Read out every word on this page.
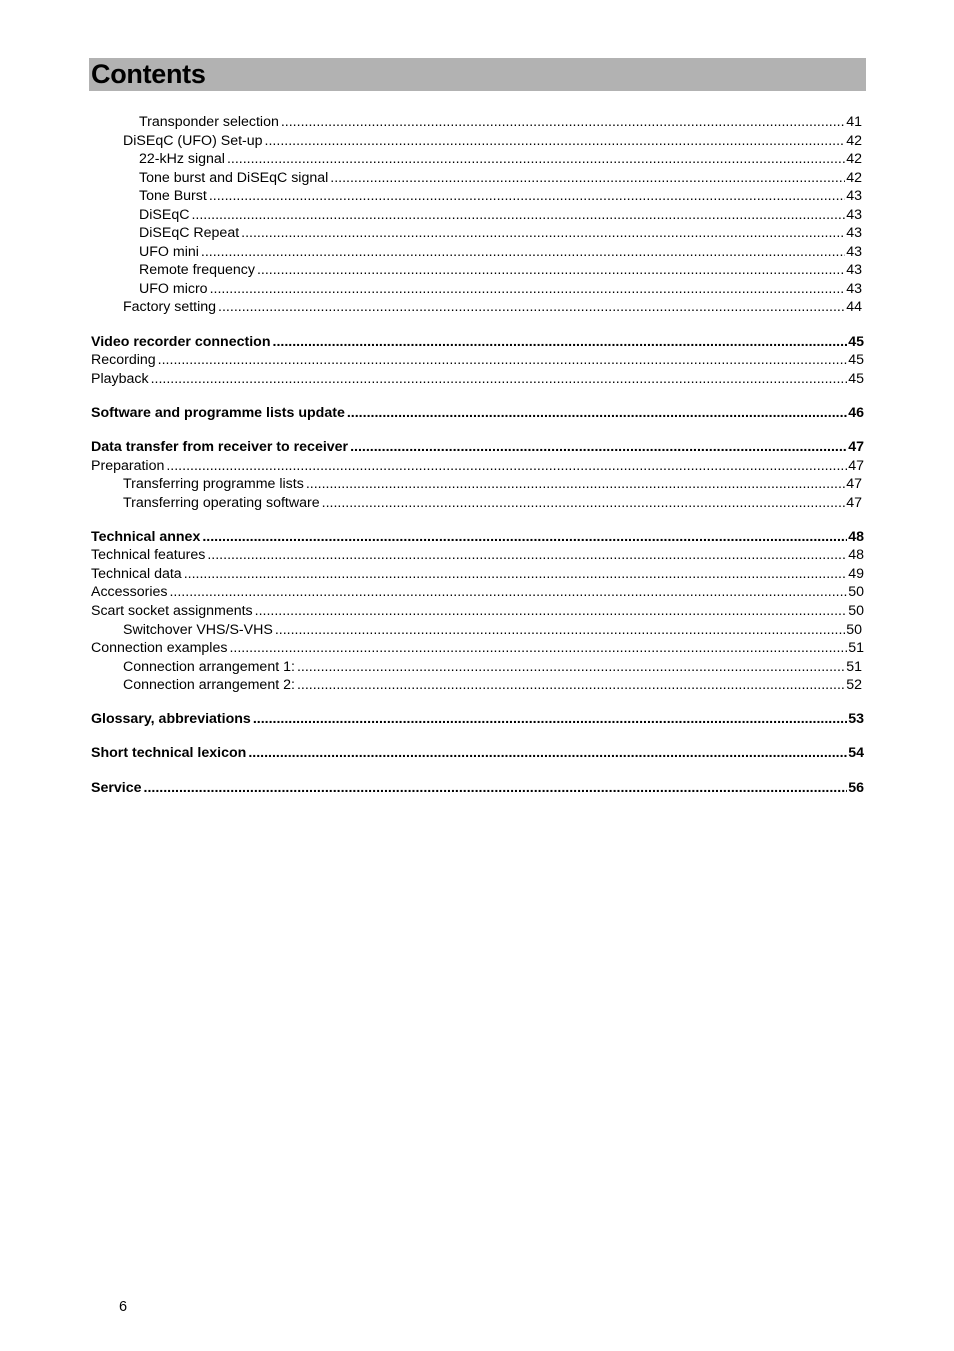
Contents
Transponder selection .....	41
DiSEqC (UFO) Set-up .....	42
22-kHz signal .....	42
Tone burst and DiSEqC signal .....	42
Tone Burst .....	43
DiSEqC .....	43
DiSEqC Repeat .....	43
UFO mini .....	43
Remote frequency .....	43
UFO micro .....	43
Factory setting .....	44
Video recorder connection .....	45
Recording .....	45
Playback .....	45
Software and programme lists update .....	46
Data transfer from receiver to receiver .....	47
Preparation .....	47
Transferring programme lists .....	47
Transferring operating software .....	47
Technical annex .....	48
Technical features .....	48
Technical data .....	49
Accessories .....	50
Scart socket assignments .....	50
Switchover VHS/S-VHS .....	50
Connection examples .....	51
Connection arrangement 1: .....	51
Connection arrangement 2: .....	52
Glossary, abbreviations .....	53
Short technical lexicon .....	54
Service .....	56
6
